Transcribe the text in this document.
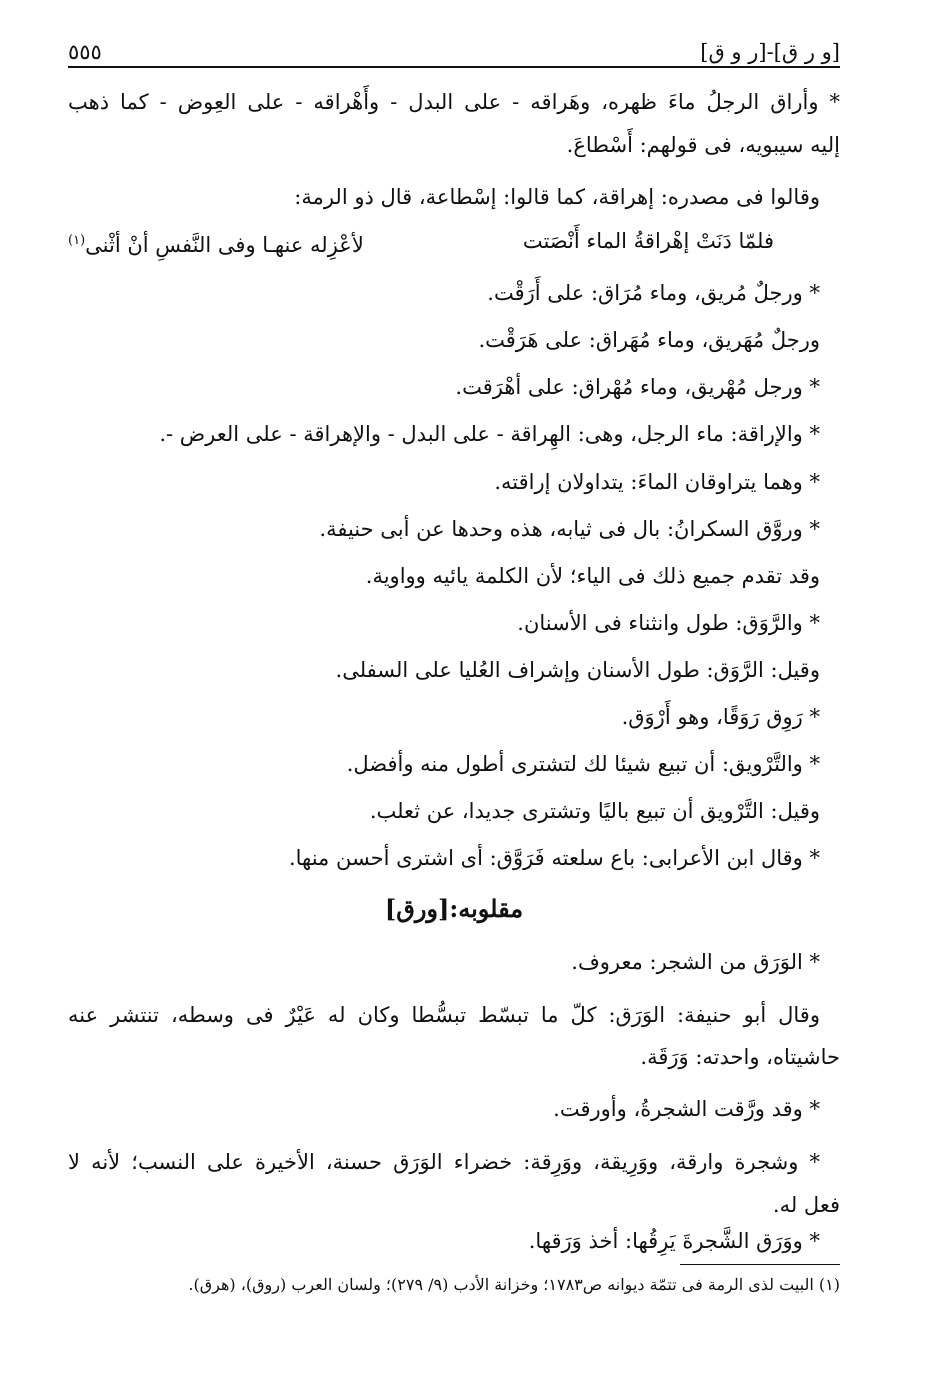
٥٥٥	[ر و ق]-[و ر ق]
* وأراق الرجلُ ماءَ ظهره، وهَراقه - على البدل - وأَهْراقه - على العِوض - كما ذهب
إليه سيبويه، فى قولهم: أَسْطاعَ.
وقالوا فى مصدره: إهراقة، كما قالوا: إسْطاعة، قال ذو الرمة:
فلمّا دَنَتْ إهْراقةُ الماء أَنْصَتت
لأعْزِله عنهـا وفى النَّفسِ أنْ أثْنى$^{(١)}$
* ورجلٌ مُريق، وماء مُرَاق: على أَرَقْت.
ورجلٌ مُهَريق، وماء مُهَراق: على هَرَقْت.
* ورجل مُهْريق، وماء مُهْراق: على أهْرَقت.
* والإراقة: ماء الرجل، وهى: الهِراقة - على البدل - والإهراقة - على العرض -.
* وهما يتراوقان الماءَ: يتداولان إراقته.
* وروَّق السكرانُ: بال فى ثيابه، هذه وحدها عن أبى حنيفة.
وقد تقدم جميع ذلك فى الياء؛ لأن الكلمة يائيه وواوية.
* والرَّوَق: طول وانثناء فى الأسنان.
وقيل: الرَّوَق: طول الأسنان وإشراف العُليا على السفلى.
* رَوِق رَوَقًا، وهو أَرْوَق.
* والتَّرْويق: أن تبيع شيئا لك لتشترى أطول منه وأفضل.
وقيل: التَّرْويق أن تبيع باليًا وتشترى جديدا، عن ثعلب.
* وقال ابن الأعرابى: باع سلعته فَرَوَّق: أى اشترى أحسن منها.
مقلوبه:[ورق]
* الوَرَق من الشجر: معروف.
وقال أبو حنيفة: الوَرَق: كلّ ما تبسّط تبسُّطا وكان له عَيْرٌ فى وسطه، تنتشر عنه
حاشيتاه، واحدته: وَرَقَة.
* وقد ورَّقت الشجرةُ، وأورقت.
* وشجرة وارقة، ووَرِيقة، ووَرِقة: خضراء الوَرَق حسنة، الأخيرة على النسب؛ لأنه لا
فعل له.
* ووَرَق الشَّجرةَ يَرِقُها: أخذ وَرَقها.
(١) البيت لذى الرمة فى تتمّة ديوانه ص١٧٨٣؛ وخزانة الأدب (٩/ ٢٧٩)؛ ولسان العرب (روق)، (هرق).
